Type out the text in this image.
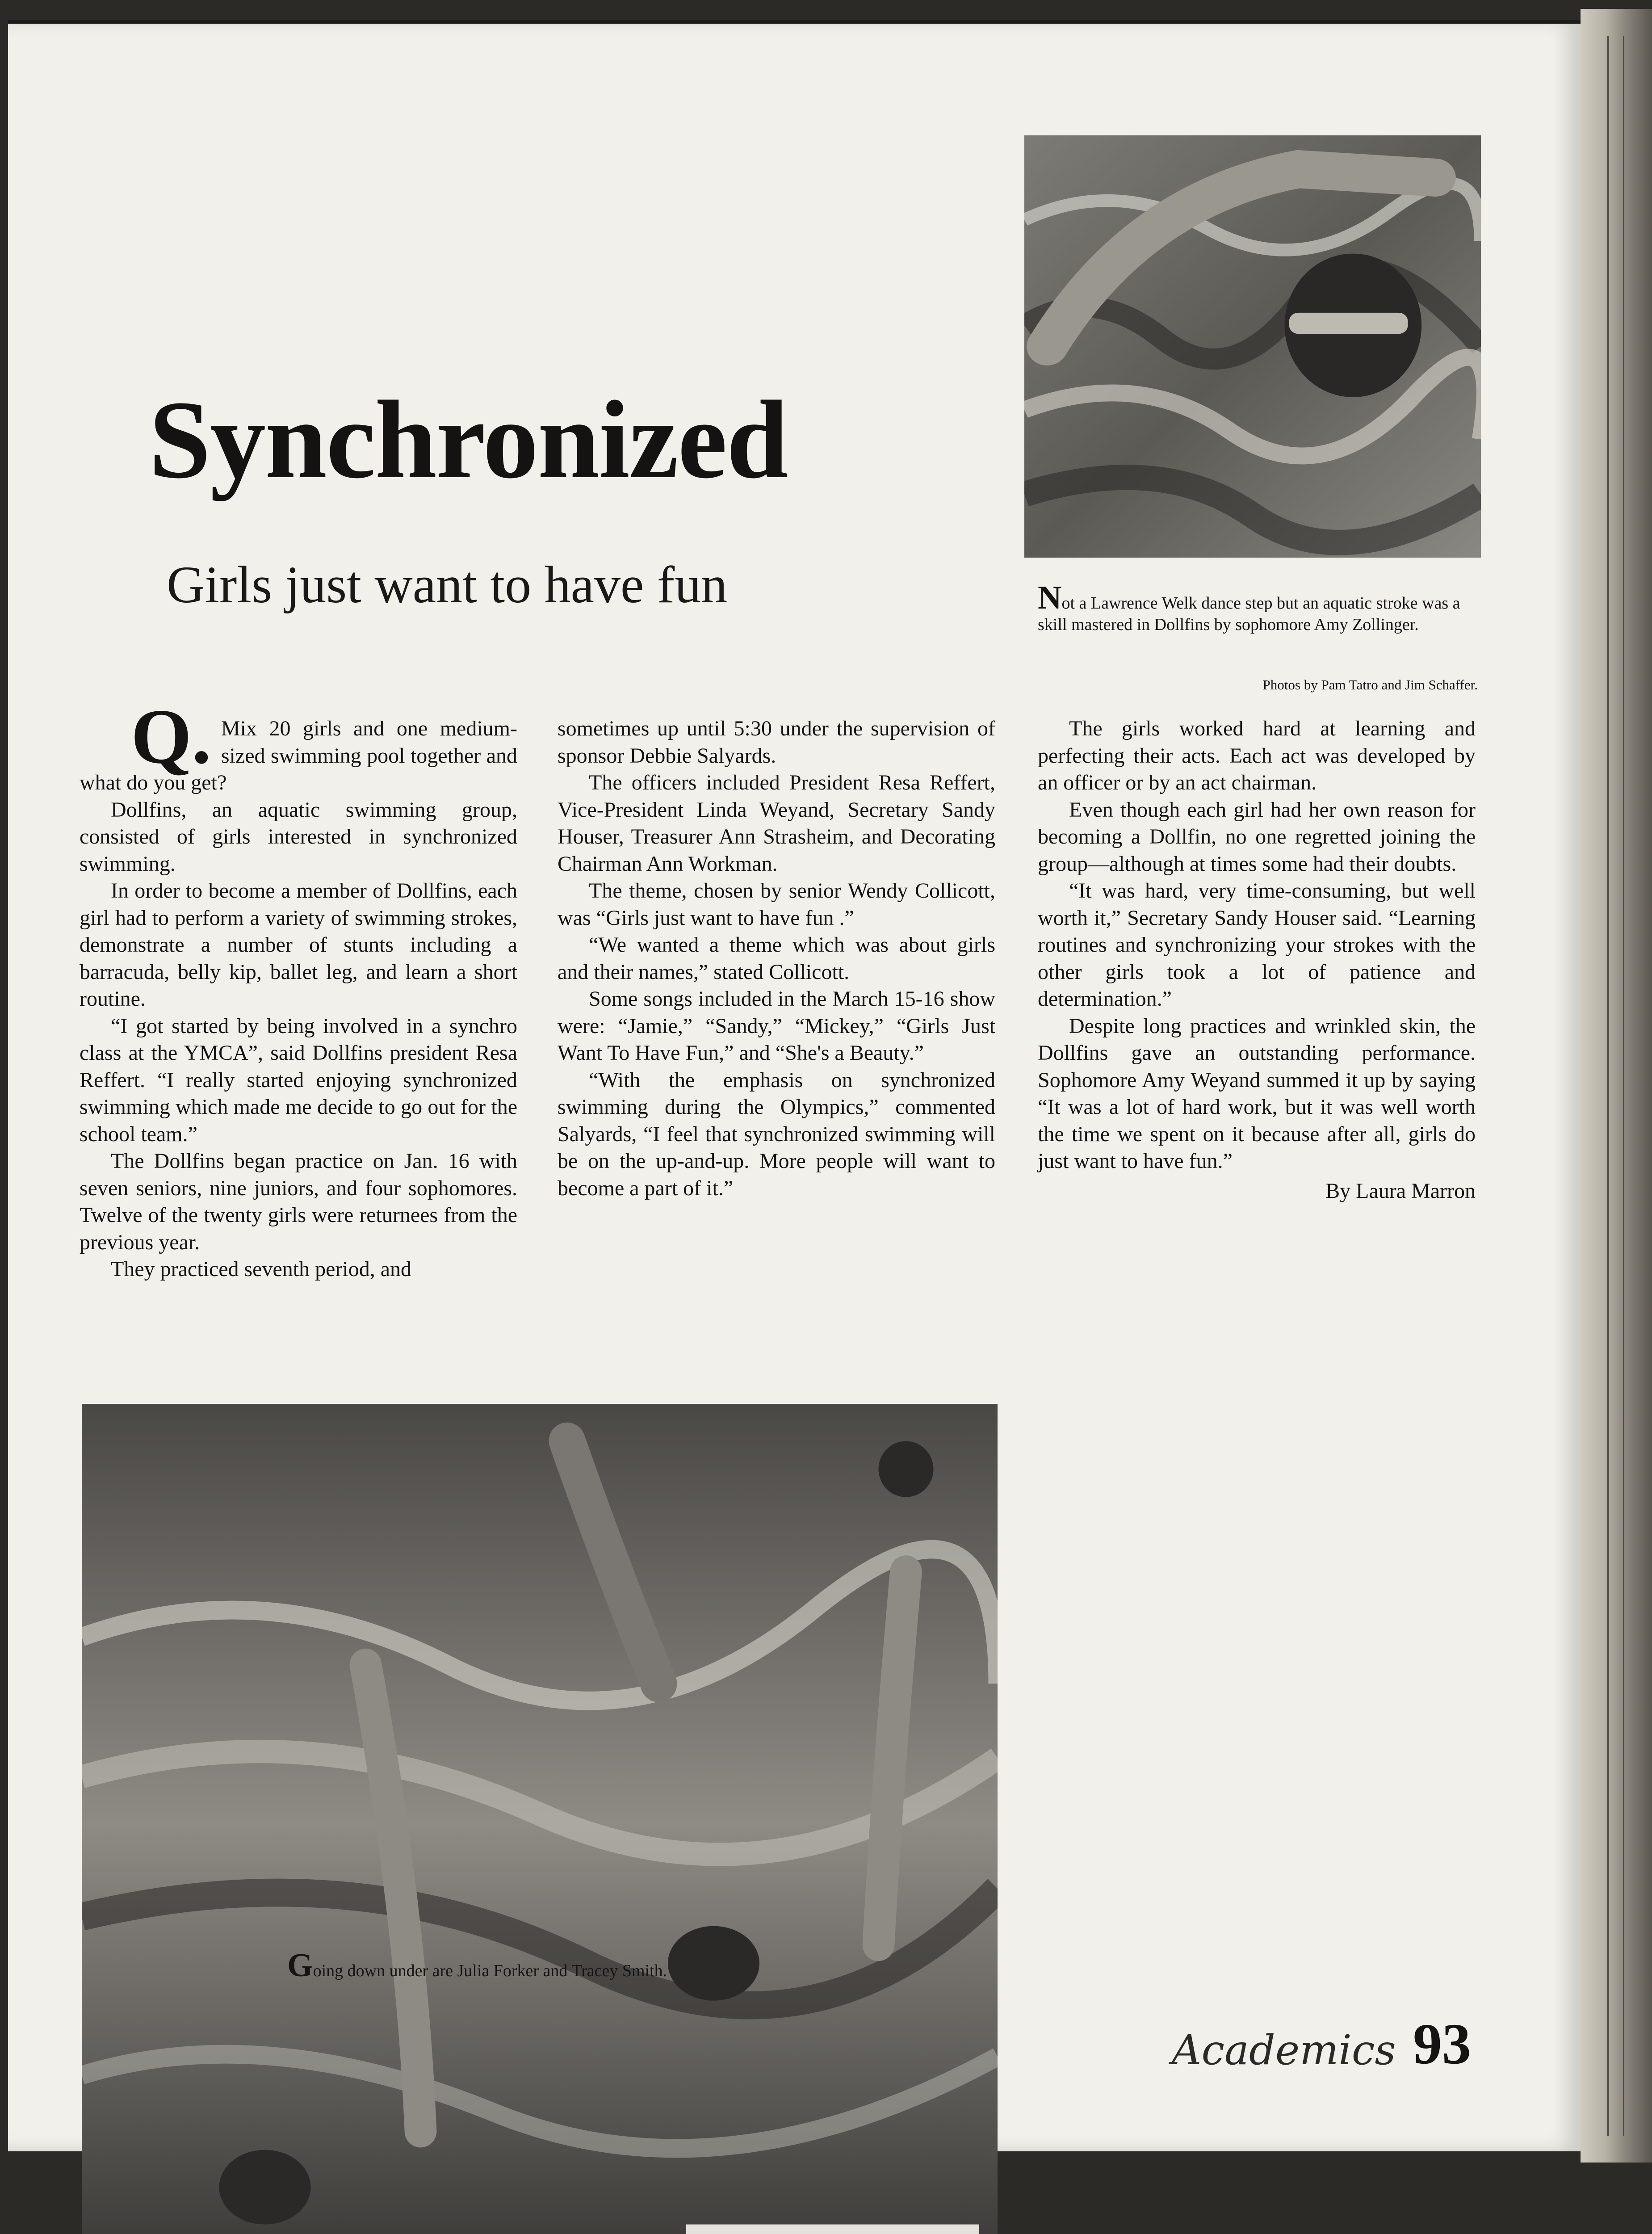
Not a Lawrence Welk dance step but an aquatic stroke was a skill mastered in Dollfins by sophomore Amy Zollinger.
Photos by Pam Tatro and Jim Schaffer.
Synchronized
Girls just want to have fun
Q. Mix 20 girls and one medium-sized swimming pool together and what do you get?

Dollfins, an aquatic swimming group, consisted of girls interested in synchronized swimming.

In order to become a member of Dollfins, each girl had to perform a variety of swimming strokes, demonstrate a number of stunts including a barracuda, belly kip, ballet leg, and learn a short routine.

“I got started by being involved in a synchro class at the YMCA”, said Dollfins president Resa Reffert. “I really started enjoying synchronized swimming which made me decide to go out for the school team.”

The Dollfins began practice on Jan. 16 with seven seniors, nine juniors, and four sophomores. Twelve of the twenty girls were returnees from the previous year.

They practiced seventh period, and

sometimes up until 5:30 under the supervision of sponsor Debbie Salyards.

The officers included President Resa Reffert, Vice-President Linda Weyand, Secretary Sandy Houser, Treasurer Ann Strasheim, and Decorating Chairman Ann Workman.

The theme, chosen by senior Wendy Collicott, was “Girls just want to have fun .”

“We wanted a theme which was about girls and their names,” stated Collicott.

Some songs included in the March 15-16 show were: “Jamie,” “Sandy,” “Mickey,” “Girls Just Want To Have Fun,” and “She's a Beauty.”

“With the emphasis on synchronized swimming during the Olympics,” commented Salyards, “I feel that synchronized swimming will be on the up-and-up. More people will want to become a part of it.”

The girls worked hard at learning and perfecting their acts. Each act was developed by an officer or by an act chairman.

Even though each girl had her own reason for becoming a Dollfin, no one regretted joining the group—although at times some had their doubts.

“It was hard, very time-consuming, but well worth it,” Secretary Sandy Houser said. “Learning routines and synchronizing your strokes with the other girls took a lot of patience and determination.”

Despite long practices and wrinkled skin, the Dollfins gave an outstanding performance. Sophomore Amy Weyand summed it up by saying “It was a lot of hard work, but it was well worth the time we spent on it because after all, girls do just want to have fun.”

By Laura Marron

Going down under are Julia Forker and Tracey Smith.
Academics 93
